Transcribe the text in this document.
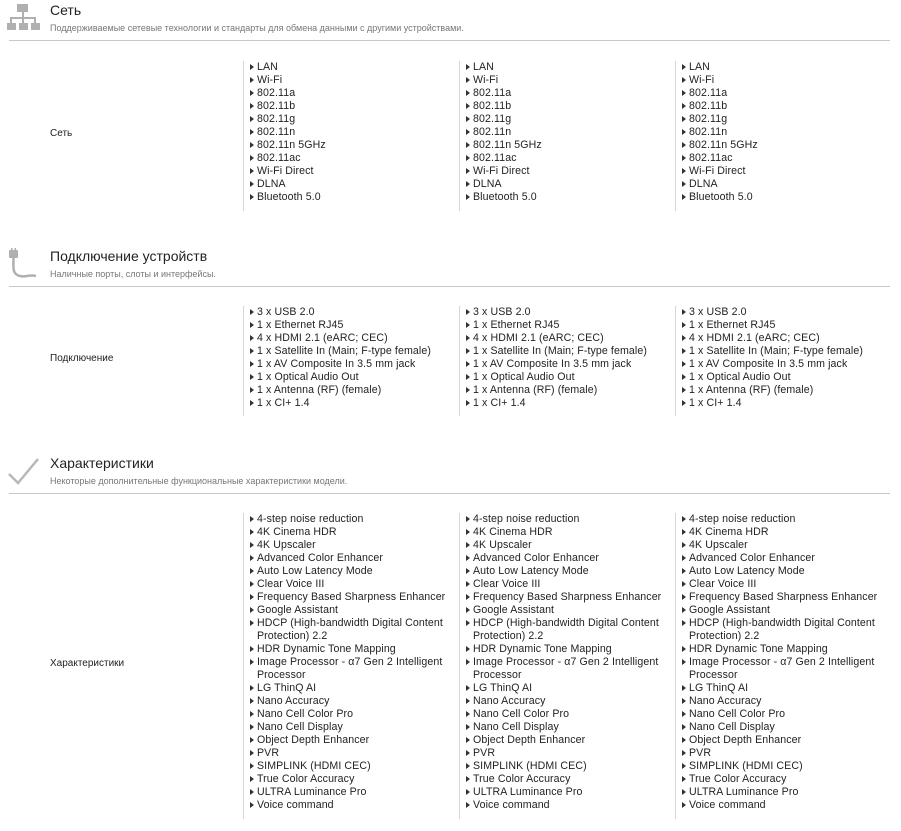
Сеть
Поддерживаемые сетевые технологии и стандарты для обмена данными с другими устройствами.
Сеть
LAN
Wi-Fi
802.11a
802.11b
802.11g
802.11n
802.11n 5GHz
802.11ac
Wi-Fi Direct
DLNA
Bluetooth 5.0
LAN
Wi-Fi
802.11a
802.11b
802.11g
802.11n
802.11n 5GHz
802.11ac
Wi-Fi Direct
DLNA
Bluetooth 5.0
LAN
Wi-Fi
802.11a
802.11b
802.11g
802.11n
802.11n 5GHz
802.11ac
Wi-Fi Direct
DLNA
Bluetooth 5.0
Подключение устройств
Наличные порты, слоты и интерфейсы.
Подключение
3 x USB 2.0
1 x Ethernet RJ45
4 x HDMI 2.1 (eARC; CEC)
1 x Satellite In (Main; F-type female)
1 x AV Composite In 3.5 mm jack
1 x Optical Audio Out
1 x Antenna (RF) (female)
1 x CI+ 1.4
3 x USB 2.0
1 x Ethernet RJ45
4 x HDMI 2.1 (eARC; CEC)
1 x Satellite In (Main; F-type female)
1 x AV Composite In 3.5 mm jack
1 x Optical Audio Out
1 x Antenna (RF) (female)
1 x CI+ 1.4
3 x USB 2.0
1 x Ethernet RJ45
4 x HDMI 2.1 (eARC; CEC)
1 x Satellite In (Main; F-type female)
1 x AV Composite In 3.5 mm jack
1 x Optical Audio Out
1 x Antenna (RF) (female)
1 x CI+ 1.4
Характеристики
Некоторые дополнительные функциональные характеристики модели.
Характеристики
4-step noise reduction
4K Cinema HDR
4K Upscaler
Advanced Color Enhancer
Auto Low Latency Mode
Clear Voice III
Frequency Based Sharpness Enhancer
Google Assistant
HDCP (High-bandwidth Digital Content Protection) 2.2
HDR Dynamic Tone Mapping
Image Processor - α7 Gen 2 Intelligent Processor
LG ThinQ AI
Nano Accuracy
Nano Cell Color Pro
Nano Cell Display
Object Depth Enhancer
PVR
SIMPLINK (HDMI CEC)
True Color Accuracy
ULTRA Luminance Pro
Voice command
4-step noise reduction
4K Cinema HDR
4K Upscaler
Advanced Color Enhancer
Auto Low Latency Mode
Clear Voice III
Frequency Based Sharpness Enhancer
Google Assistant
HDCP (High-bandwidth Digital Content Protection) 2.2
HDR Dynamic Tone Mapping
Image Processor - α7 Gen 2 Intelligent Processor
LG ThinQ AI
Nano Accuracy
Nano Cell Color Pro
Nano Cell Display
Object Depth Enhancer
PVR
SIMPLINK (HDMI CEC)
True Color Accuracy
ULTRA Luminance Pro
Voice command
4-step noise reduction
4K Cinema HDR
4K Upscaler
Advanced Color Enhancer
Auto Low Latency Mode
Clear Voice III
Frequency Based Sharpness Enhancer
Google Assistant
HDCP (High-bandwidth Digital Content Protection) 2.2
HDR Dynamic Tone Mapping
Image Processor - α7 Gen 2 Intelligent Processor
LG ThinQ AI
Nano Accuracy
Nano Cell Color Pro
Nano Cell Display
Object Depth Enhancer
PVR
SIMPLINK (HDMI CEC)
True Color Accuracy
ULTRA Luminance Pro
Voice command
